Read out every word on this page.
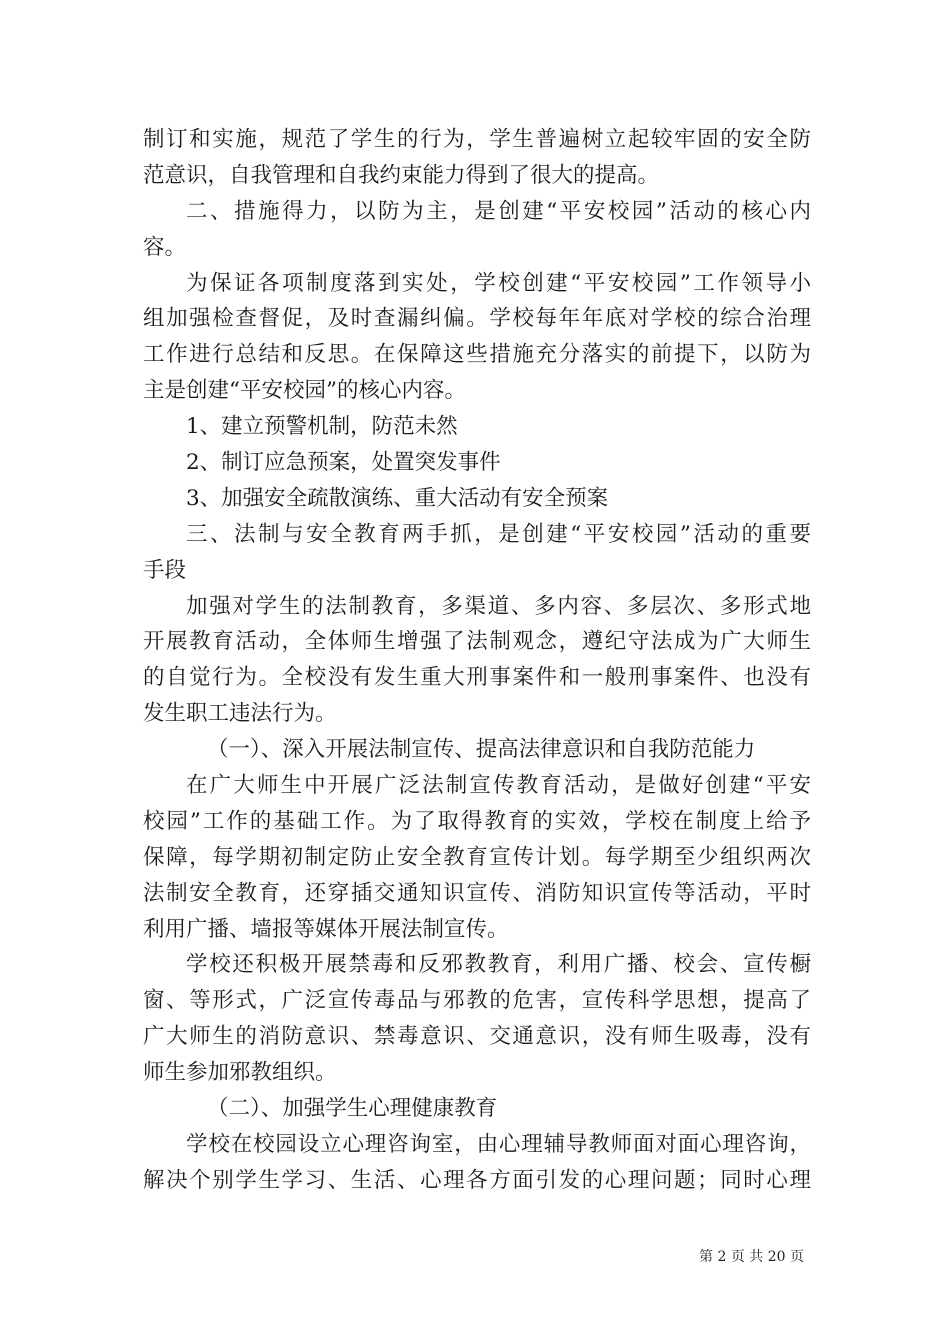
制订和实施，规范了学生的行为，学生普遍树立起较牢固的安全防
范意识，自我管理和自我约束能力得到了很大的提高。
二、措施得力，以防为主，是创建“平安校园”活动的核心内
容。
为保证各项制度落到实处，学校创建“平安校园”工作领导小
组加强检查督促，及时查漏纠偏。学校每年年底对学校的综合治理
工作进行总结和反思。在保障这些措施充分落实的前提下，以防为
主是创建“平安校园”的核心内容。
1、建立预警机制，防范未然
2、制订应急预案，处置突发事件
3、加强安全疏散演练、重大活动有安全预案
三、法制与安全教育两手抓，是创建“平安校园”活动的重要
手段
加强对学生的法制教育，多渠道、多内容、多层次、多形式地
开展教育活动，全体师生增强了法制观念，遵纪守法成为广大师生
的自觉行为。全校没有发生重大刑事案件和一般刑事案件、也没有
发生职工违法行为。
（一）、深入开展法制宣传、提高法律意识和自我防范能力
在广大师生中开展广泛法制宣传教育活动，是做好创建“平安
校园”工作的基础工作。为了取得教育的实效，学校在制度上给予
保障，每学期初制定防止安全教育宣传计划。每学期至少组织两次
法制安全教育，还穿插交通知识宣传、消防知识宣传等活动，平时
利用广播、墙报等媒体开展法制宣传。
学校还积极开展禁毒和反邪教教育，利用广播、校会、宣传橱
窗、等形式，广泛宣传毒品与邪教的危害，宣传科学思想，提高了
广大师生的消防意识、禁毒意识、交通意识，没有师生吸毒，没有
师生参加邪教组织。
（二）、加强学生心理健康教育
学校在校园设立心理咨询室，由心理辅导教师面对面心理咨询，
解决个别学生学习、生活、心理各方面引发的心理问题；同时心理
第 2 页 共 20 页
